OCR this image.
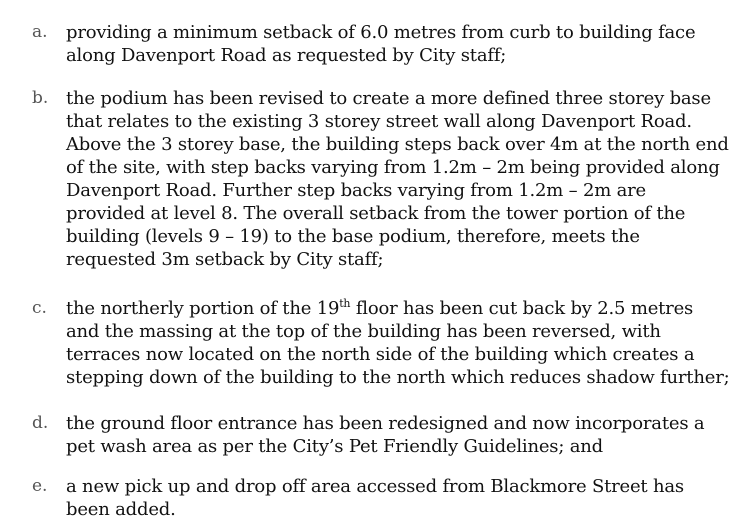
a.	providing a minimum setback of 6.0 metres from curb to building face along Davenport Road as requested by City staff;
b. the podium has been revised to create a more defined three storey base that relates to the existing 3 storey street wall along Davenport Road. Above the 3 storey base, the building steps back over 4m at the north end of the site, with step backs varying from 1.2m – 2m being provided along Davenport Road. Further step backs varying from 1.2m – 2m are provided at level 8. The overall setback from the tower portion of the building (levels 9 – 19) to the base podium, therefore, meets the requested 3m setback by City staff;
c.	the northerly portion of the 19th floor has been cut back by 2.5 metres and the massing at the top of the building has been reversed, with terraces now located on the north side of the building which creates a stepping down of the building to the north which reduces shadow further;
d. the ground floor entrance has been redesigned and now incorporates a pet wash area as per the City’s Pet Friendly Guidelines; and
e.	a new pick up and drop off area accessed from Blackmore Street has been added.
